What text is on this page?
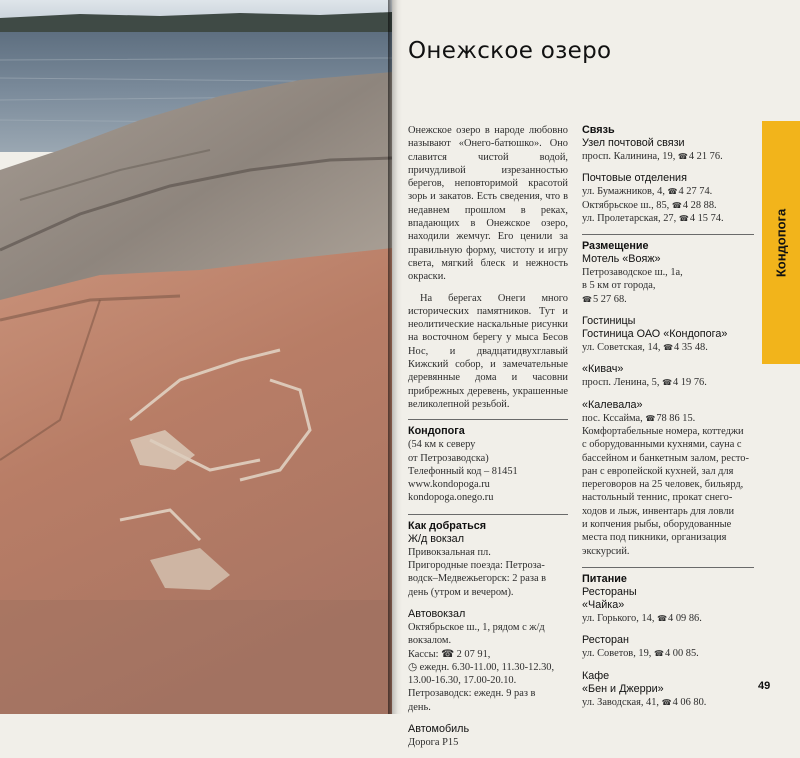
Онежское озеро

Онежское озеро в народе любовно называют «Онего-батюшко». Оно славится чистой водой, причудливой изрезанностью берегов, неповторимой красотой зорь и закатов. Есть сведения, что в недавнем прошлом в реках, впадающих в Онежское озеро, находили жемчуг. Его ценили за правильную форму, чистоту и игру света, мягкий блеск и нежность окраски.

На берегах Онеги много исторических памятников. Тут и неолитические наскальные рисунки на восточном берегу у мыса Бесов Нос, и двадцатидвухглавый Кижский собор, и замечательные деревянные дома и часовни прибрежных деревень, украшенные великолепной резьбой.

Кондопога
(54 км к северу
от Петрозаводска)
Телефонный код – 81451
www.kondopoga.ru
kondopoga.onego.ru
Как добраться
Ж/д вокзал
Привокзальная пл.
Пригородные поезда: Петроза-
водск–Медвежьегорск: 2 раза в
день (утром и вечером).
Автовокзал
Октябрьское ш., 1, рядом с ж/д
вокзалом.
Кассы: ☎ 2 07 91,
◷ ежедн. 6.30-11.00, 11.30-12.30,
13.00-16.30, 17.00-20.10.
Петрозаводск: ежедн. 9 раз в
день.
Автомобиль
Дорога Р15
Связь
Узел почтовой связи
просп. Калинина, 19, ☎ 4 21 76.
Почтовые отделения
ул. Бумажников, 4, ☎ 4 27 74.
Октябрьское ш., 85, ☎ 4 28 88.
ул. Пролетарская, 27, ☎ 4 15 74.
Размещение
Мотель «Вояж»
Петрозаводское ш., 1а,
в 5 км от города,
☎ 5 27 68.
Гостиницы
Гостиница ОАО «Кондопога»
ул. Советская, 14, ☎ 4 35 48.
«Кивач»
просп. Ленина, 5, ☎ 4 19 76.
«Калевала»
пос. Кссайма, ☎ 78 86 15.
Комфортабельные номера, коттеджи
с оборудованными кухнями, сауна с
бассейном и банкетным залом, ресто-
ран с европейской кухней, зал для
переговоров на 25 человек, бильярд,
настольный теннис, прокат снего-
ходов и лыж, инвентарь для ловли
и копчения рыбы, оборудованные
места под пикники, организация
экскурсий.
Питание
Рестораны
«Чайка»
ул. Горького, 14, ☎ 4 09 86.
Ресторан
ул. Советов, 19, ☎ 4 00 85.
Кафе
«Бен и Джерри»
ул. Заводская, 41, ☎ 4 06 80.
Кондопога
49
